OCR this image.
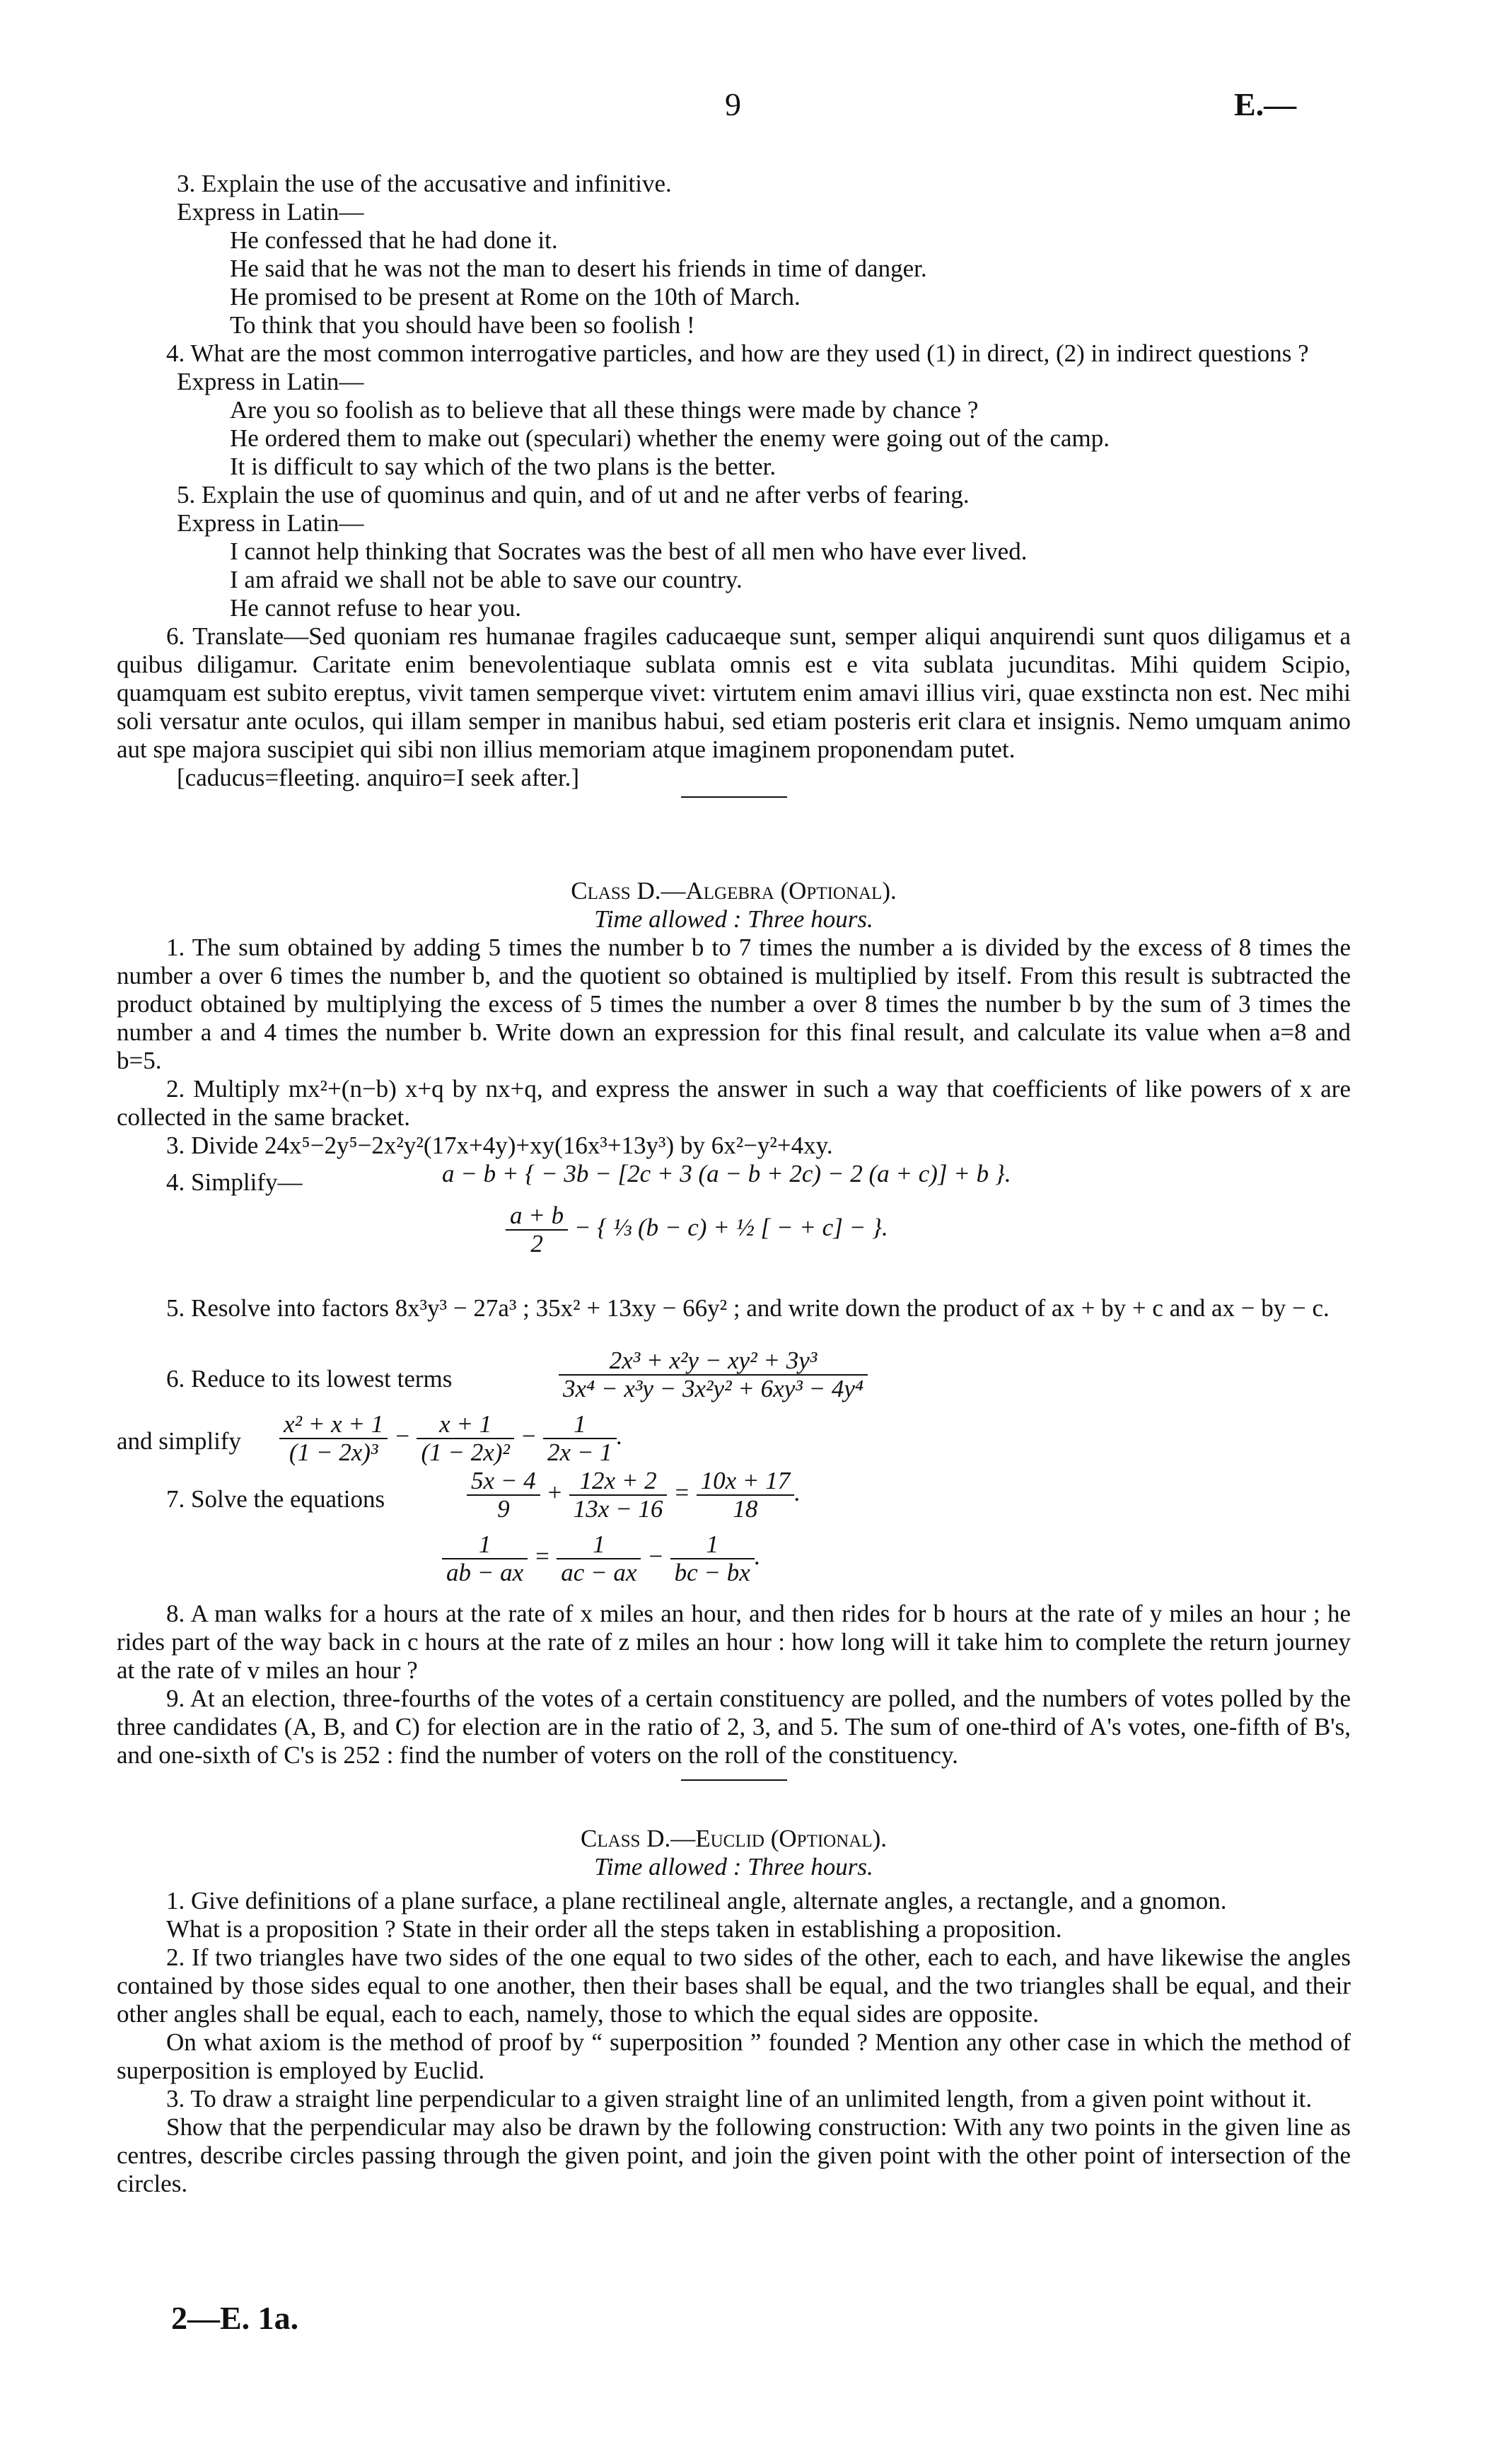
9	E.—

3. Explain the use of the accusative and infinitive.

Express in Latin—

He confessed that he had done it.

He said that he was not the man to desert his friends in time of danger.

He promised to be present at Rome on the 10th of March.

To think that you should have been so foolish !

4. What are the most common interrogative particles, and how are they used (1) in direct, (2) in indirect questions ?

Express in Latin—

Are you so foolish as to believe that all these things were made by chance ?

He ordered them to make out (speculari) whether the enemy were going out of the camp.

It is difficult to say which of the two plans is the better.

5. Explain the use of quominus and quin, and of ut and ne after verbs of fearing.

Express in Latin—

I cannot help thinking that Socrates was the best of all men who have ever lived.

I am afraid we shall not be able to save our country.

He cannot refuse to hear you.

6. Translate—Sed quoniam res humanae fragiles caducaeque sunt, semper aliqui anquirendi sunt quos diligamus et a quibus diligamur. Caritate enim benevolentiaque sublata omnis est e vita sublata jucunditas. Mihi quidem Scipio, quamquam est subito ereptus, vivit tamen semperque vivet: virtutem enim amavi illius viri, quae exstincta non est. Nec mihi soli versatur ante oculos, qui illam semper in manibus habui, sed etiam posteris erit clara et insignis. Nemo umquam animo aut spe majora suscipiet qui sibi non illius memoriam atque imaginem proponendam putet.

[caducus=fleeting. anquiro=I seek after.]

Class D.—Algebra (Optional).

Time allowed : Three hours.

1. The sum obtained by adding 5 times the number b to 7 times the number a is divided by the excess of 8 times the number a over 6 times the number b, and the quotient so obtained is multiplied by itself. From this result is subtracted the product obtained by multiplying the excess of 5 times the number a over 8 times the number b by the sum of 3 times the number a and 4 times the number b. Write down an expression for this final result, and calculate its value when a=8 and b=5.

2. Multiply mx²+(n−b) x+q by nx+q, and express the answer in such a way that coefficients of like powers of x are collected in the same bracket.

3. Divide 24x⁵−2y⁵−2x²y²(17x+4y)+xy(16x³+13y³) by 6x²−y²+4xy.

4. Simplify—	a − b + { − 3b − [2c + 3 (a − b + 2c) − 2 (a + c)] + b }.
$\frac{a + b}{2}$ − { ⅓ (b − c) + ½ [ − + c] − }.

5. Resolve into factors 8x³y³ − 27a³ ; 35x² + 13xy − 66y² ; and write down the product of ax + by + c and ax − by − c.

6. Reduce to its lowest terms	$\frac{\text{2x³ + x²y − xy² + 3y³}}{\text{3x⁴ − x³y − 3x²y² + 6xy³ − 4y⁴}}$
and simplify $\frac{\text{x² + x + 1}}{\text{(1 − 2x)³}} - \frac{x + 1}{\text{(1 − 2x)²}} - \frac{1}{2x - 1}$ .
7. Solve the equations	$\frac{5x - 4}{9} + \frac{12x + 2}{13x - 16} = \frac{10x + 17}{18}$ .
$\frac{1}{ab - ax} = \frac{1}{ac - ax} - \frac{1}{bc - bx}$ .

8. A man walks for a hours at the rate of x miles an hour, and then rides for b hours at the rate of y miles an hour ; he rides part of the way back in c hours at the rate of z miles an hour : how long will it take him to complete the return journey at the rate of v miles an hour ?

9. At an election, three-fourths of the votes of a certain constituency are polled, and the numbers of votes polled by the three candidates (A, B, and C) for election are in the ratio of 2, 3, and 5. The sum of one-third of A's votes, one-fifth of B's, and one-sixth of C's is 252 : find the number of voters on the roll of the constituency.

Class D.—Euclid (Optional).

Time allowed : Three hours.

1. Give definitions of a plane surface, a plane rectilineal angle, alternate angles, a rectangle, and a gnomon.

What is a proposition ? State in their order all the steps taken in establishing a proposition.

2. If two triangles have two sides of the one equal to two sides of the other, each to each, and have likewise the angles contained by those sides equal to one another, then their bases shall be equal, and the two triangles shall be equal, and their other angles shall be equal, each to each, namely, those to which the equal sides are opposite.

On what axiom is the method of proof by “ superposition ” founded ? Mention any other case in which the method of superposition is employed by Euclid.

3. To draw a straight line perpendicular to a given straight line of an unlimited length, from a given point without it.

Show that the perpendicular may also be drawn by the following construction: With any two points in the given line as centres, describe circles passing through the given point, and join the given point with the other point of intersection of the circles.

2—E. 1a.
